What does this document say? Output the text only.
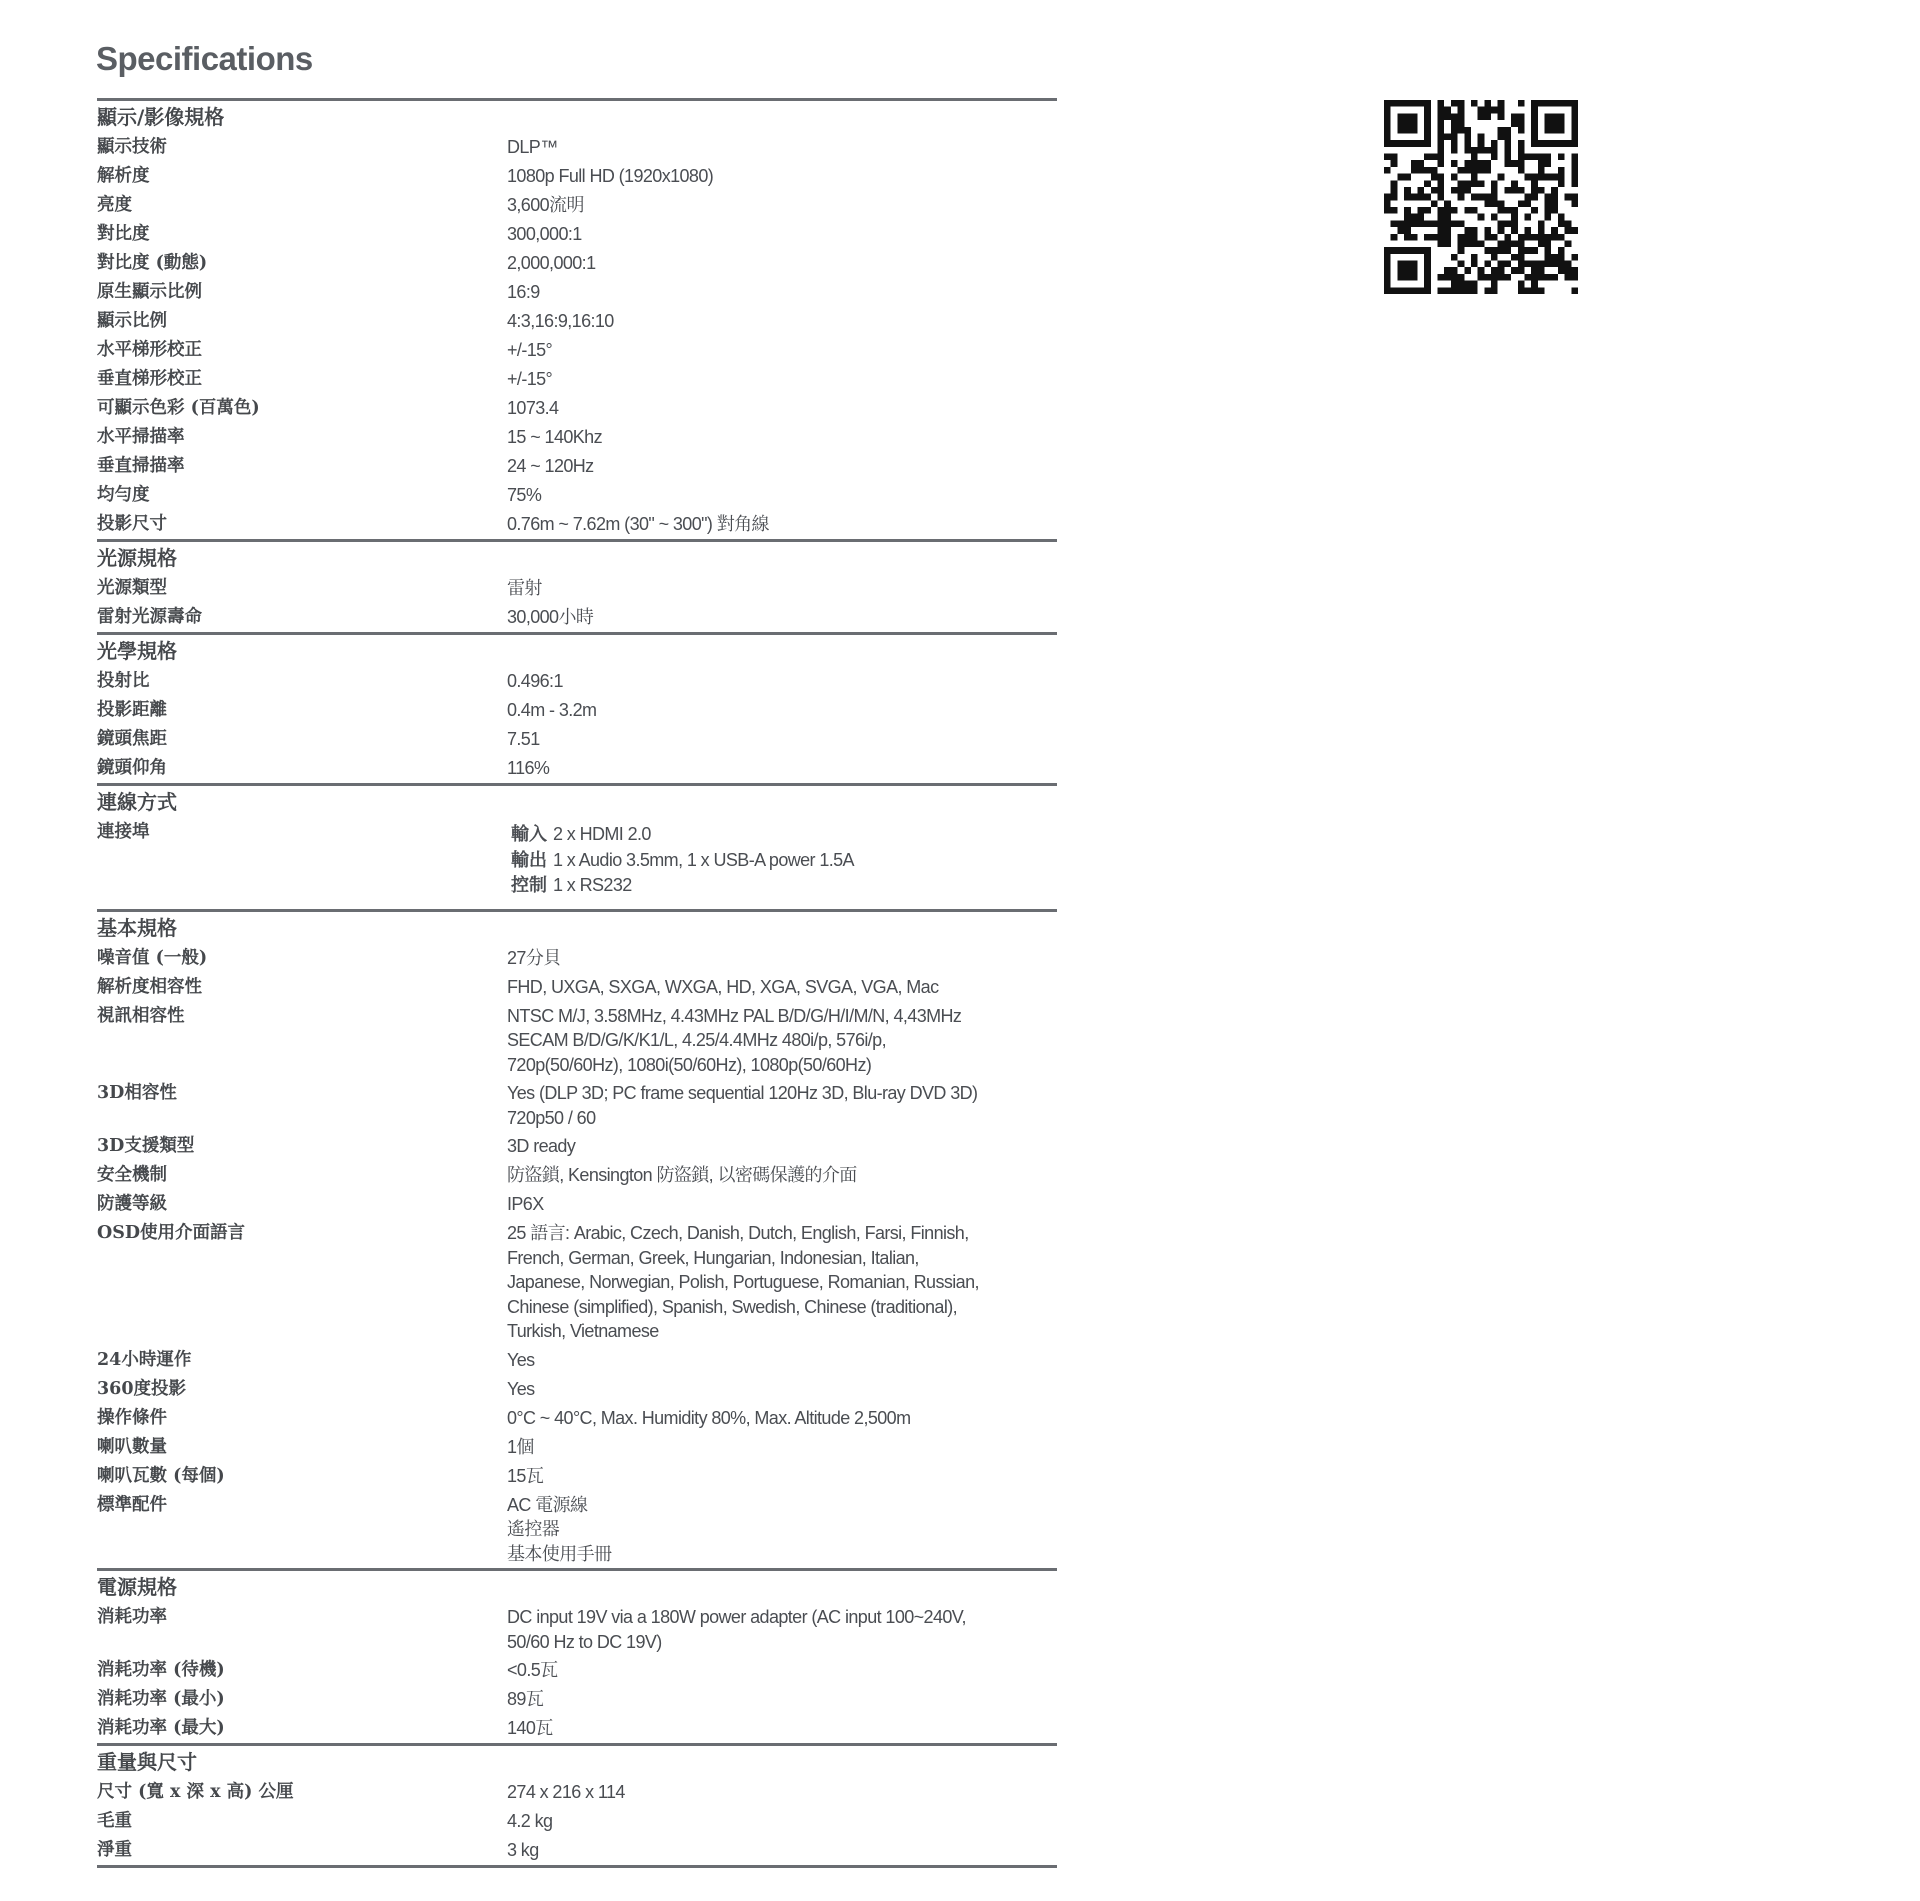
Specifications
顯示/影像規格
顯示技術	DLP™
解析度	1080p Full HD (1920x1080)
亮度	3,600流明
對比度	300,000:1
對比度 (動態)	2,000,000:1
原生顯示比例	16:9
顯示比例	4:3,16:9,16:10
水平梯形校正	+/-15°
垂直梯形校正	+/-15°
可顯示色彩 (百萬色)	1073.4
水平掃描率	15 ~ 140Khz
垂直掃描率	24 ~ 120Hz
均勻度	75%
投影尺寸	0.76m ~ 7.62m (30" ~ 300") 對角線
光源規格
光源類型	雷射
雷射光源壽命	30,000小時
光學規格
投射比	0.496:1
投影距離	0.4m - 3.2m
鏡頭焦距	7.51
鏡頭仰角	116%
連線方式
連接埠	輸入 2 x HDMI 2.0
輸出 1 x Audio 3.5mm, 1 x USB-A power 1.5A
控制 1 x RS232
基本規格
噪音值 (一般)	27分貝
解析度相容性	FHD, UXGA, SXGA, WXGA, HD, XGA, SVGA, VGA, Mac
視訊相容性	NTSC M/J, 3.58MHz, 4.43MHz PAL B/D/G/H/I/M/N, 4,43MHz
SECAM B/D/G/K/K1/L, 4.25/4.4MHz 480i/p, 576i/p,
720p(50/60Hz), 1080i(50/60Hz), 1080p(50/60Hz)
3D相容性	Yes (DLP 3D; PC frame sequential 120Hz 3D, Blu-ray DVD 3D)
720p50 / 60
3D支援類型	3D ready
安全機制	防盜鎖, Kensington 防盜鎖, 以密碼保護的介面
防護等級	IP6X
OSD使用介面語言	25 語言: Arabic, Czech, Danish, Dutch, English, Farsi, Finnish,
French, German, Greek, Hungarian, Indonesian, Italian,
Japanese, Norwegian, Polish, Portuguese, Romanian, Russian,
Chinese (simplified), Spanish, Swedish, Chinese (traditional),
Turkish, Vietnamese
24小時運作	Yes
360度投影	Yes
操作條件	0°C ~ 40°C, Max. Humidity 80%, Max. Altitude 2,500m
喇叭數量	1個
喇叭瓦數 (每個)	15瓦
標準配件	AC 電源線
遙控器
基本使用手冊
電源規格
消耗功率	DC input 19V via a 180W power adapter (AC input 100~240V,
50/60 Hz to DC 19V)
消耗功率 (待機)	<0.5瓦
消耗功率 (最小)	89瓦
消耗功率 (最大)	140瓦
重量與尺寸
尺寸 (寬 x 深 x 高) 公厘	274 x 216 x 114
毛重	4.2 kg
淨重	3 kg
